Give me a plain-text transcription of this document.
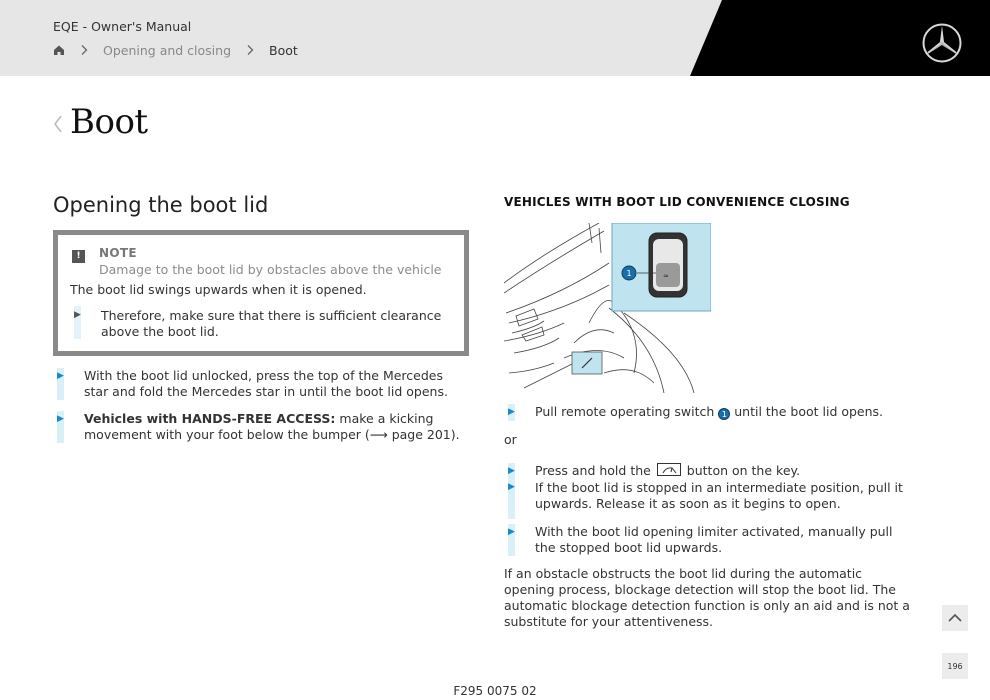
EQE - Owner's Manual
Opening and closing	Boot
Boot
Opening the boot lid
!	NOTE
Damage to the boot lid by obstacles above the vehicle
The boot lid swings upwards when it is opened.
▶ Therefore, make sure that there is sufficient clearance above the boot lid.
▶ With the boot lid unlocked, press the top of the Mercedes star and fold the Mercedes star in until the boot lid opens.
▶ Vehicles with HANDS-FREE ACCESS: make a kicking movement with your foot below the bumper (⟶ page 201).
VEHICLES WITH BOOT LID CONVENIENCE CLOSING
≈
1
▶ Pull remote operating switch 1 until the boot lid opens.
or
▶ Press and hold the  button on the key.
▶ If the boot lid is stopped in an intermediate position, pull it upwards. Release it as soon as it begins to open.
▶ With the boot lid opening limiter activated, manually pull the stopped boot lid upwards.
If an obstacle obstructs the boot lid during the automatic opening process, blockage detection will stop the boot lid. The automatic blockage detection function is only an aid and is not a substitute for your attentiveness.
196
F295 0075 02
